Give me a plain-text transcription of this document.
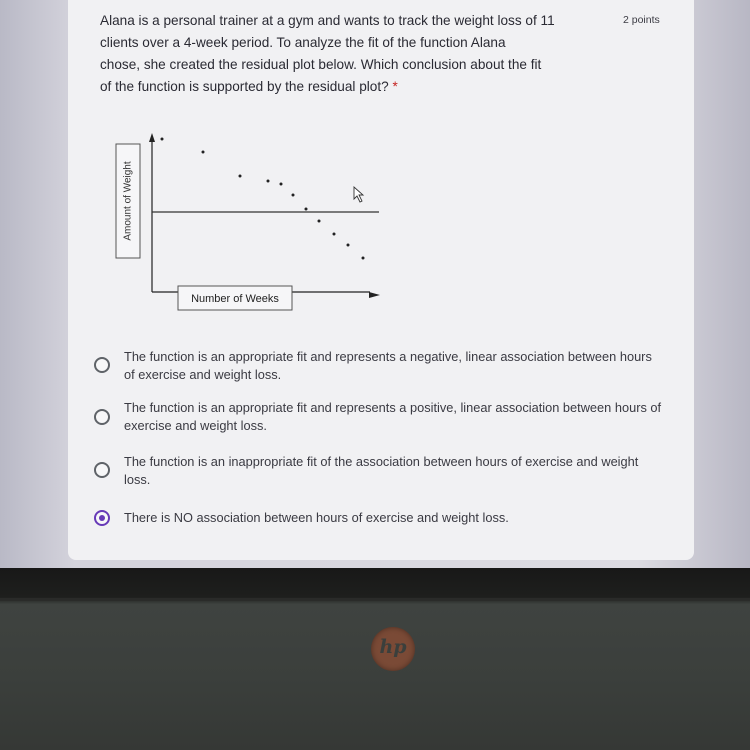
Alana is a personal trainer at a gym and wants to track the weight loss of 11
clients over a 4-week period. To analyze the fit of the function Alana
chose, she created the residual plot below. Which conclusion about the fit
of the function is supported by the residual plot? *
2 points
Amount of Weight
Number of Weeks
The function is an appropriate fit and represents a negative, linear association between hours of exercise and weight loss.
The function is an appropriate fit and represents a positive, linear association between hours of exercise and weight loss.
The function is an inappropriate fit of the association between hours of exercise and weight loss.
There is NO association between hours of exercise and weight loss.
hp
